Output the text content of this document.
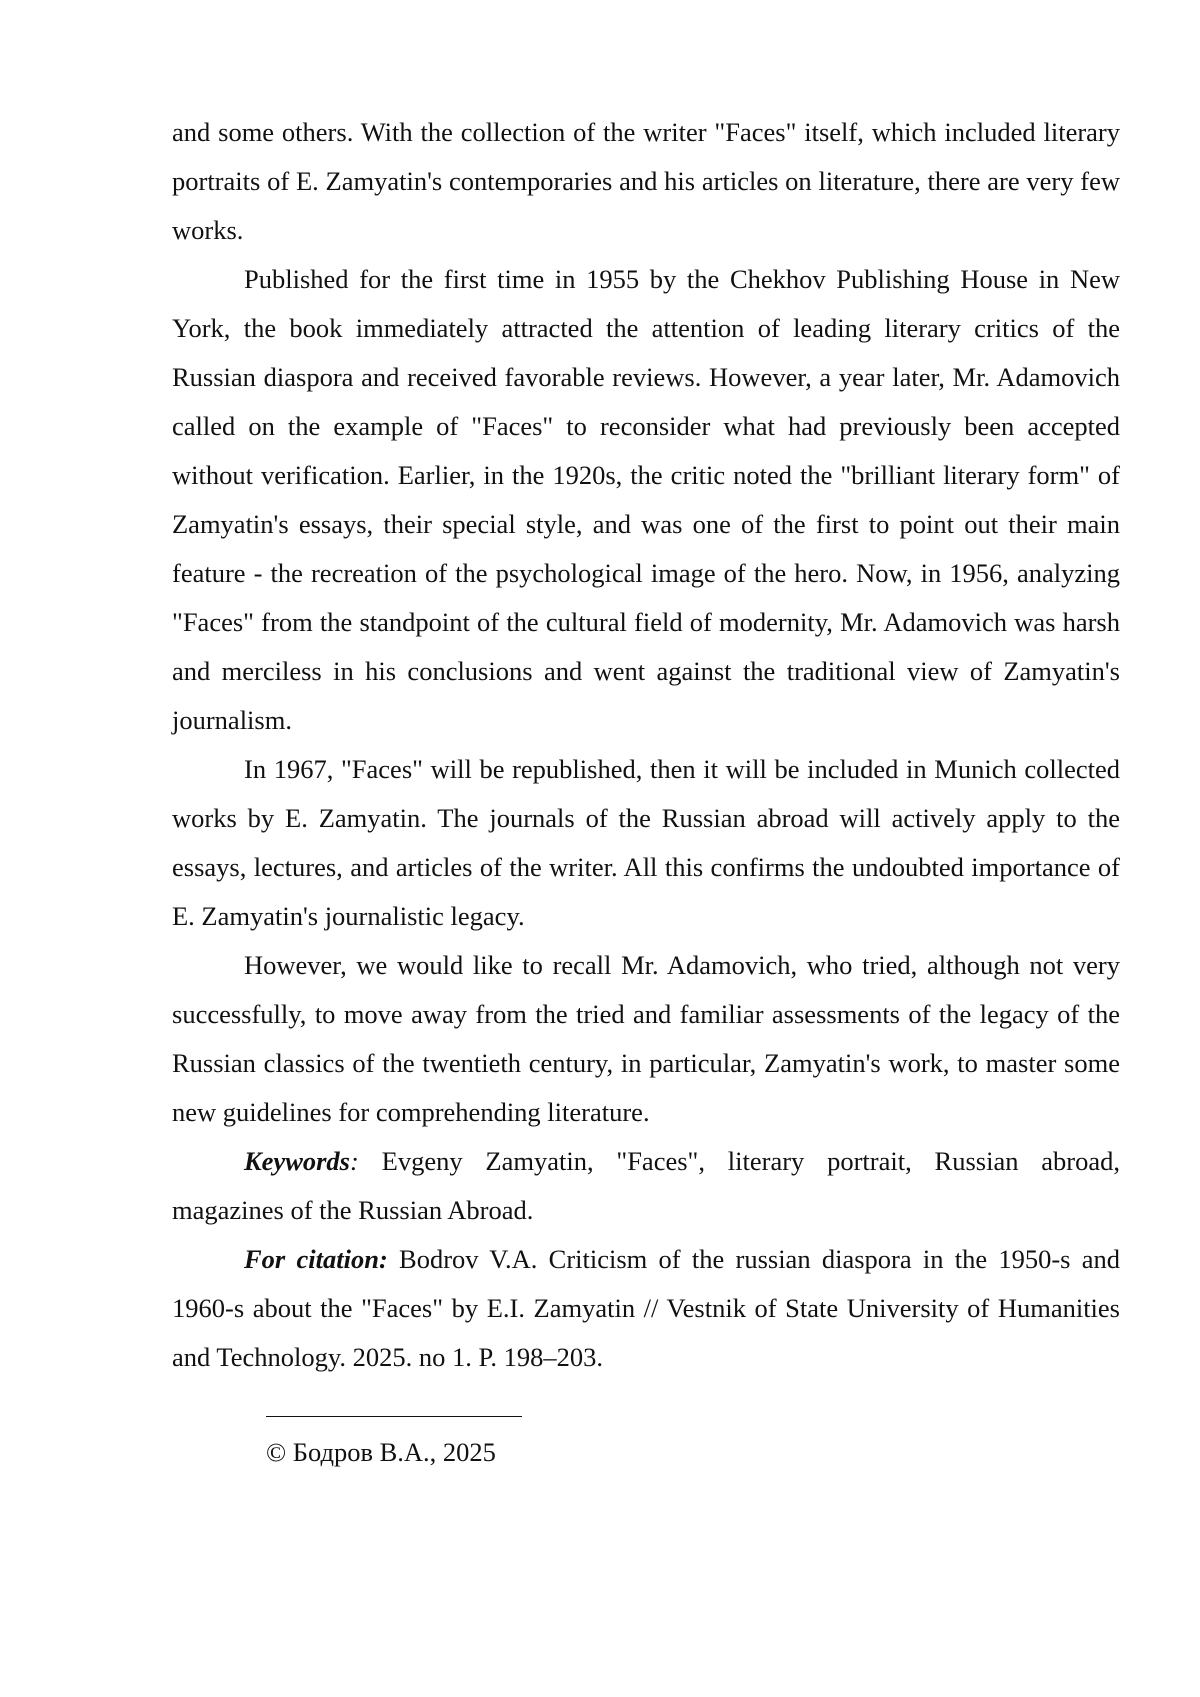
and some others. With the collection of the writer "Faces" itself, which included literary portraits of E. Zamyatin's contemporaries and his articles on literature, there are very few works.

Published for the first time in 1955 by the Chekhov Publishing House in New York, the book immediately attracted the attention of leading literary critics of the Russian diaspora and received favorable reviews. However, a year later, Mr. Adamovich called on the example of "Faces" to reconsider what had previously been accepted without verification. Earlier, in the 1920s, the critic noted the "brilliant literary form" of Zamyatin's essays, their special style, and was one of the first to point out their main feature - the recreation of the psychological image of the hero. Now, in 1956, analyzing "Faces" from the standpoint of the cultural field of modernity, Mr. Adamovich was harsh and merciless in his conclusions and went against the traditional view of Zamyatin's journalism.

In 1967, "Faces" will be republished, then it will be included in Munich collected works by E. Zamyatin. The journals of the Russian abroad will actively apply to the essays, lectures, and articles of the writer. All this confirms the undoubted importance of E. Zamyatin's journalistic legacy.

However, we would like to recall Mr. Adamovich, who tried, although not very successfully, to move away from the tried and familiar assessments of the legacy of the Russian classics of the twentieth century, in particular, Zamyatin's work, to master some new guidelines for comprehending literature.

Keywords: Evgeny Zamyatin, "Faces", literary portrait, Russian abroad, magazines of the Russian Abroad.

For citation: Bodrov V.A. Criticism of the russian diaspora in the 1950-s and 1960-s about the "Faces" by E.I. Zamyatin // Vestnik of State University of Humanities and Technology. 2025. no 1. P. 198–203.

© Бодров В.А., 2025
